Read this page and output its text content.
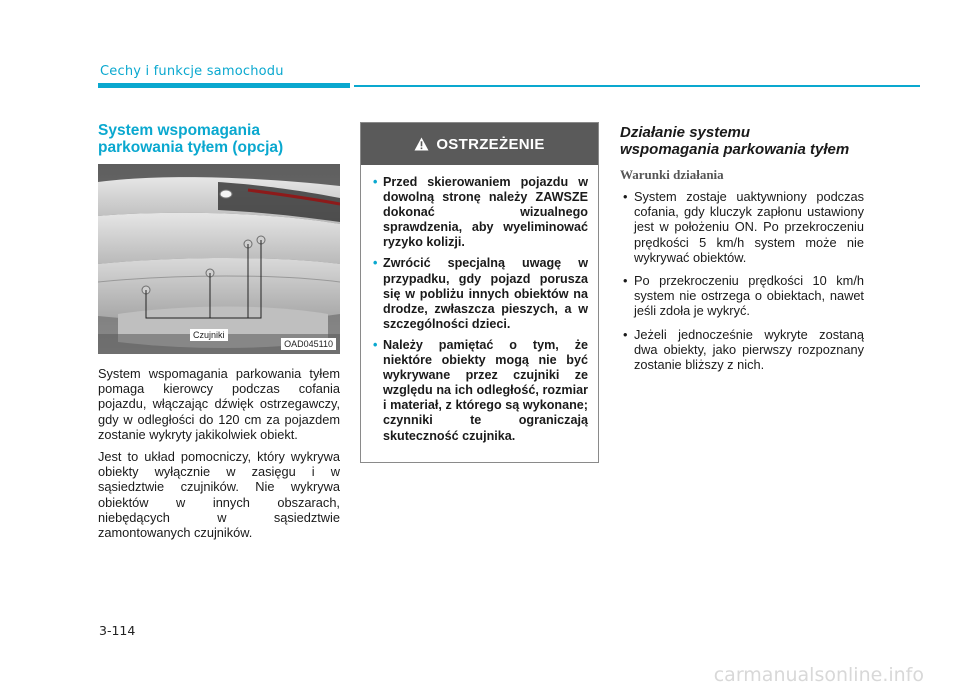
Cechy i funkcje samochodu
System wspomagania
parkowania tyłem (opcja)
Czujniki
OAD045110

System wspomagania parkowania tyłem pomaga kierowcy podczas cofania pojazdu, włączając dźwięk ostrzegawczy, gdy w odległości do 120 cm za pojazdem zostanie wykryty jakikolwiek obiekt.

Jest to układ pomocniczy, który wykrywa obiekty wyłącznie w zasięgu i w sąsiedztwie czujników. Nie wykrywa obiektów w innych obszarach, niebędących w sąsiedztwie zamontowanych czujników.

OSTRZEŻENIE
• Przed skierowaniem pojazdu w dowolną stronę należy ZAWSZE dokonać wizualnego sprawdzenia, aby wyeliminować ryzyko kolizji.
• Zwrócić specjalną uwagę w przypadku, gdy pojazd porusza się w pobliżu innych obiektów na drodze, zwłaszcza pieszych, a w szczególności dzieci.
• Należy pamiętać o tym, że niektóre obiekty mogą nie być wykrywane przez czujniki ze względu na ich odległość, rozmiar i materiał, z którego są wykonane; czynniki te ograniczają skuteczność czujnika.
Działanie systemu
wspomagania parkowania tyłem
Warunki działania
• System zostaje uaktywniony podczas cofania, gdy kluczyk zapłonu ustawiony jest w położeniu ON. Po przekroczeniu prędkości 5 km/h system może nie wykrywać obiektów.
• Po przekroczeniu prędkości 10 km/h system nie ostrzega o obiektach, nawet jeśli zdoła je wykryć.
• Jeżeli jednocześnie wykryte zostaną dwa obiekty, jako pierwszy rozpoznany zostanie bliższy z nich.
3-114
carmanualsonline.info
